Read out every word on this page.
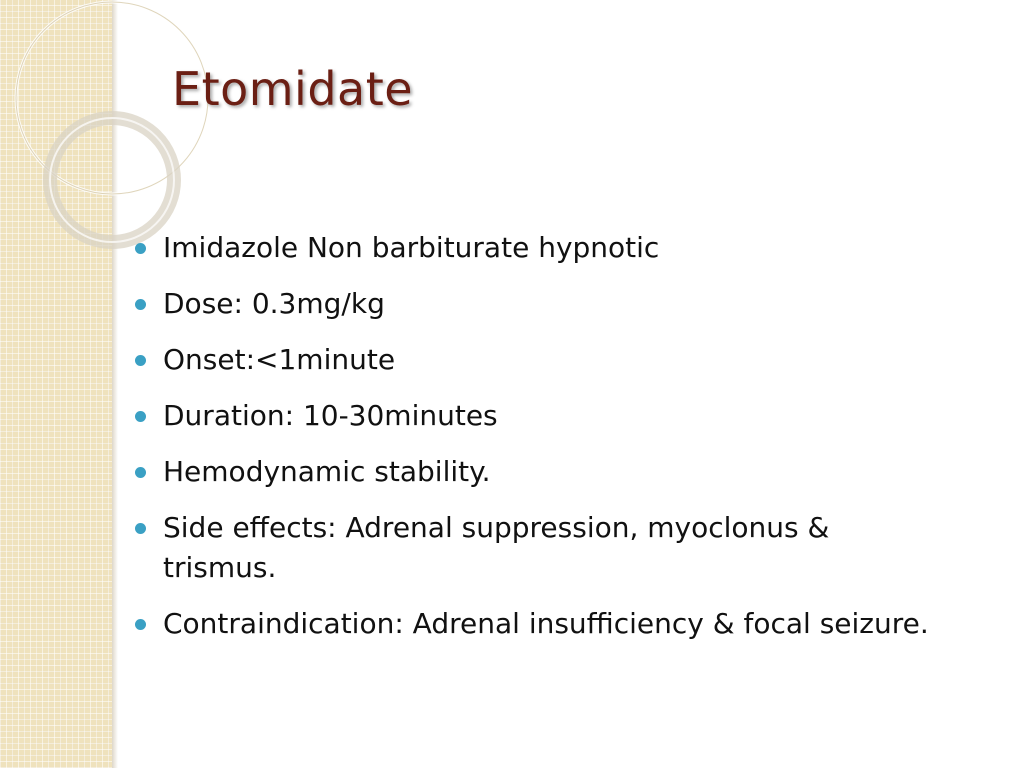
Etomidate
Imidazole Non barbiturate hypnotic
Dose: 0.3mg/kg
Onset:<1minute
Duration: 10-30minutes
Hemodynamic stability.
Side effects: Adrenal suppression, myoclonus & trismus.
Contraindication: Adrenal insufficiency & focal seizure.
